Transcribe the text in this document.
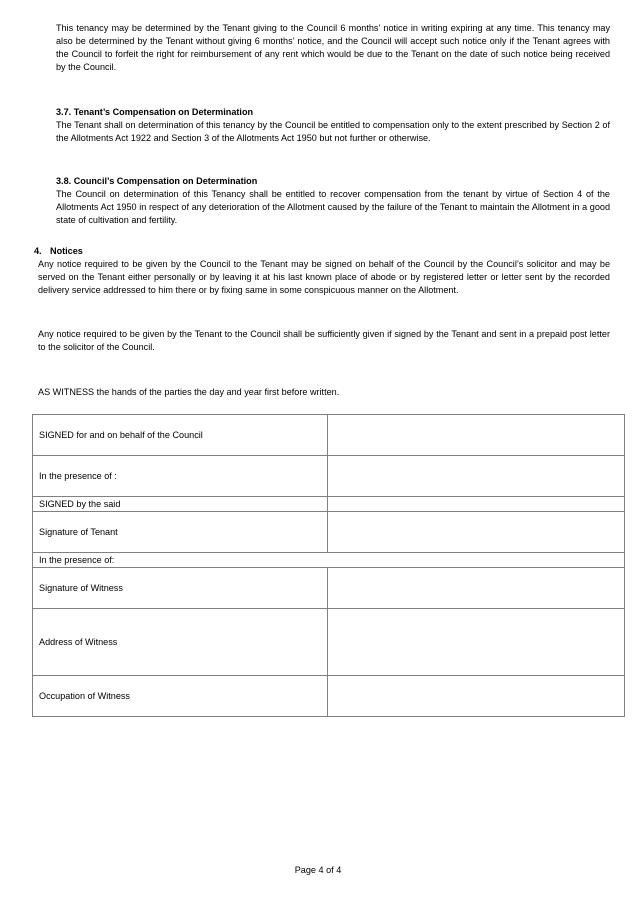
This tenancy may be determined by the Tenant giving to the Council 6 months’ notice in writing expiring at any time. This tenancy may also be determined by the Tenant without giving 6 months’ notice, and the Council will accept such notice only if the Tenant agrees with the Council to forfeit the right for reimbursement of any rent which would be due to the Tenant on the date of such notice being received by the Council.

3.7. Tenant’s Compensation on Determination

The Tenant shall on determination of this tenancy by the Council be entitled to compensation only to the extent prescribed by Section 2 of the Allotments Act 1922 and Section 3 of the Allotments Act 1950 but not further or otherwise.

3.8. Council’s Compensation on Determination

The Council on determination of this Tenancy shall be entitled to recover compensation from the tenant by virtue of Section 4 of the Allotments Act 1950 in respect of any deterioration of the Allotment caused by the failure of the Tenant to maintain the Allotment in a good state of cultivation and fertility.

4. Notices

Any notice required to be given by the Council to the Tenant may be signed on behalf of the Council by the Council’s solicitor and may be served on the Tenant either personally or by leaving it at his last known place of abode or by registered letter or letter sent by the recorded delivery service addressed to him there or by fixing same in some conspicuous manner on the Allotment.

Any notice required to be given by the Tenant to the Council shall be sufficiently given if signed by the Tenant and sent in a prepaid post letter to the solicitor of the Council.

AS WITNESS the hands of the parties the day and year first before written.

SIGNED for and on behalf of the Council	
In the presence of :	
SIGNED by the said	
Signature of Tenant	
In the presence of:	
Signature of Witness	
Address of Witness	
Occupation of Witness	
Page 4 of 4
